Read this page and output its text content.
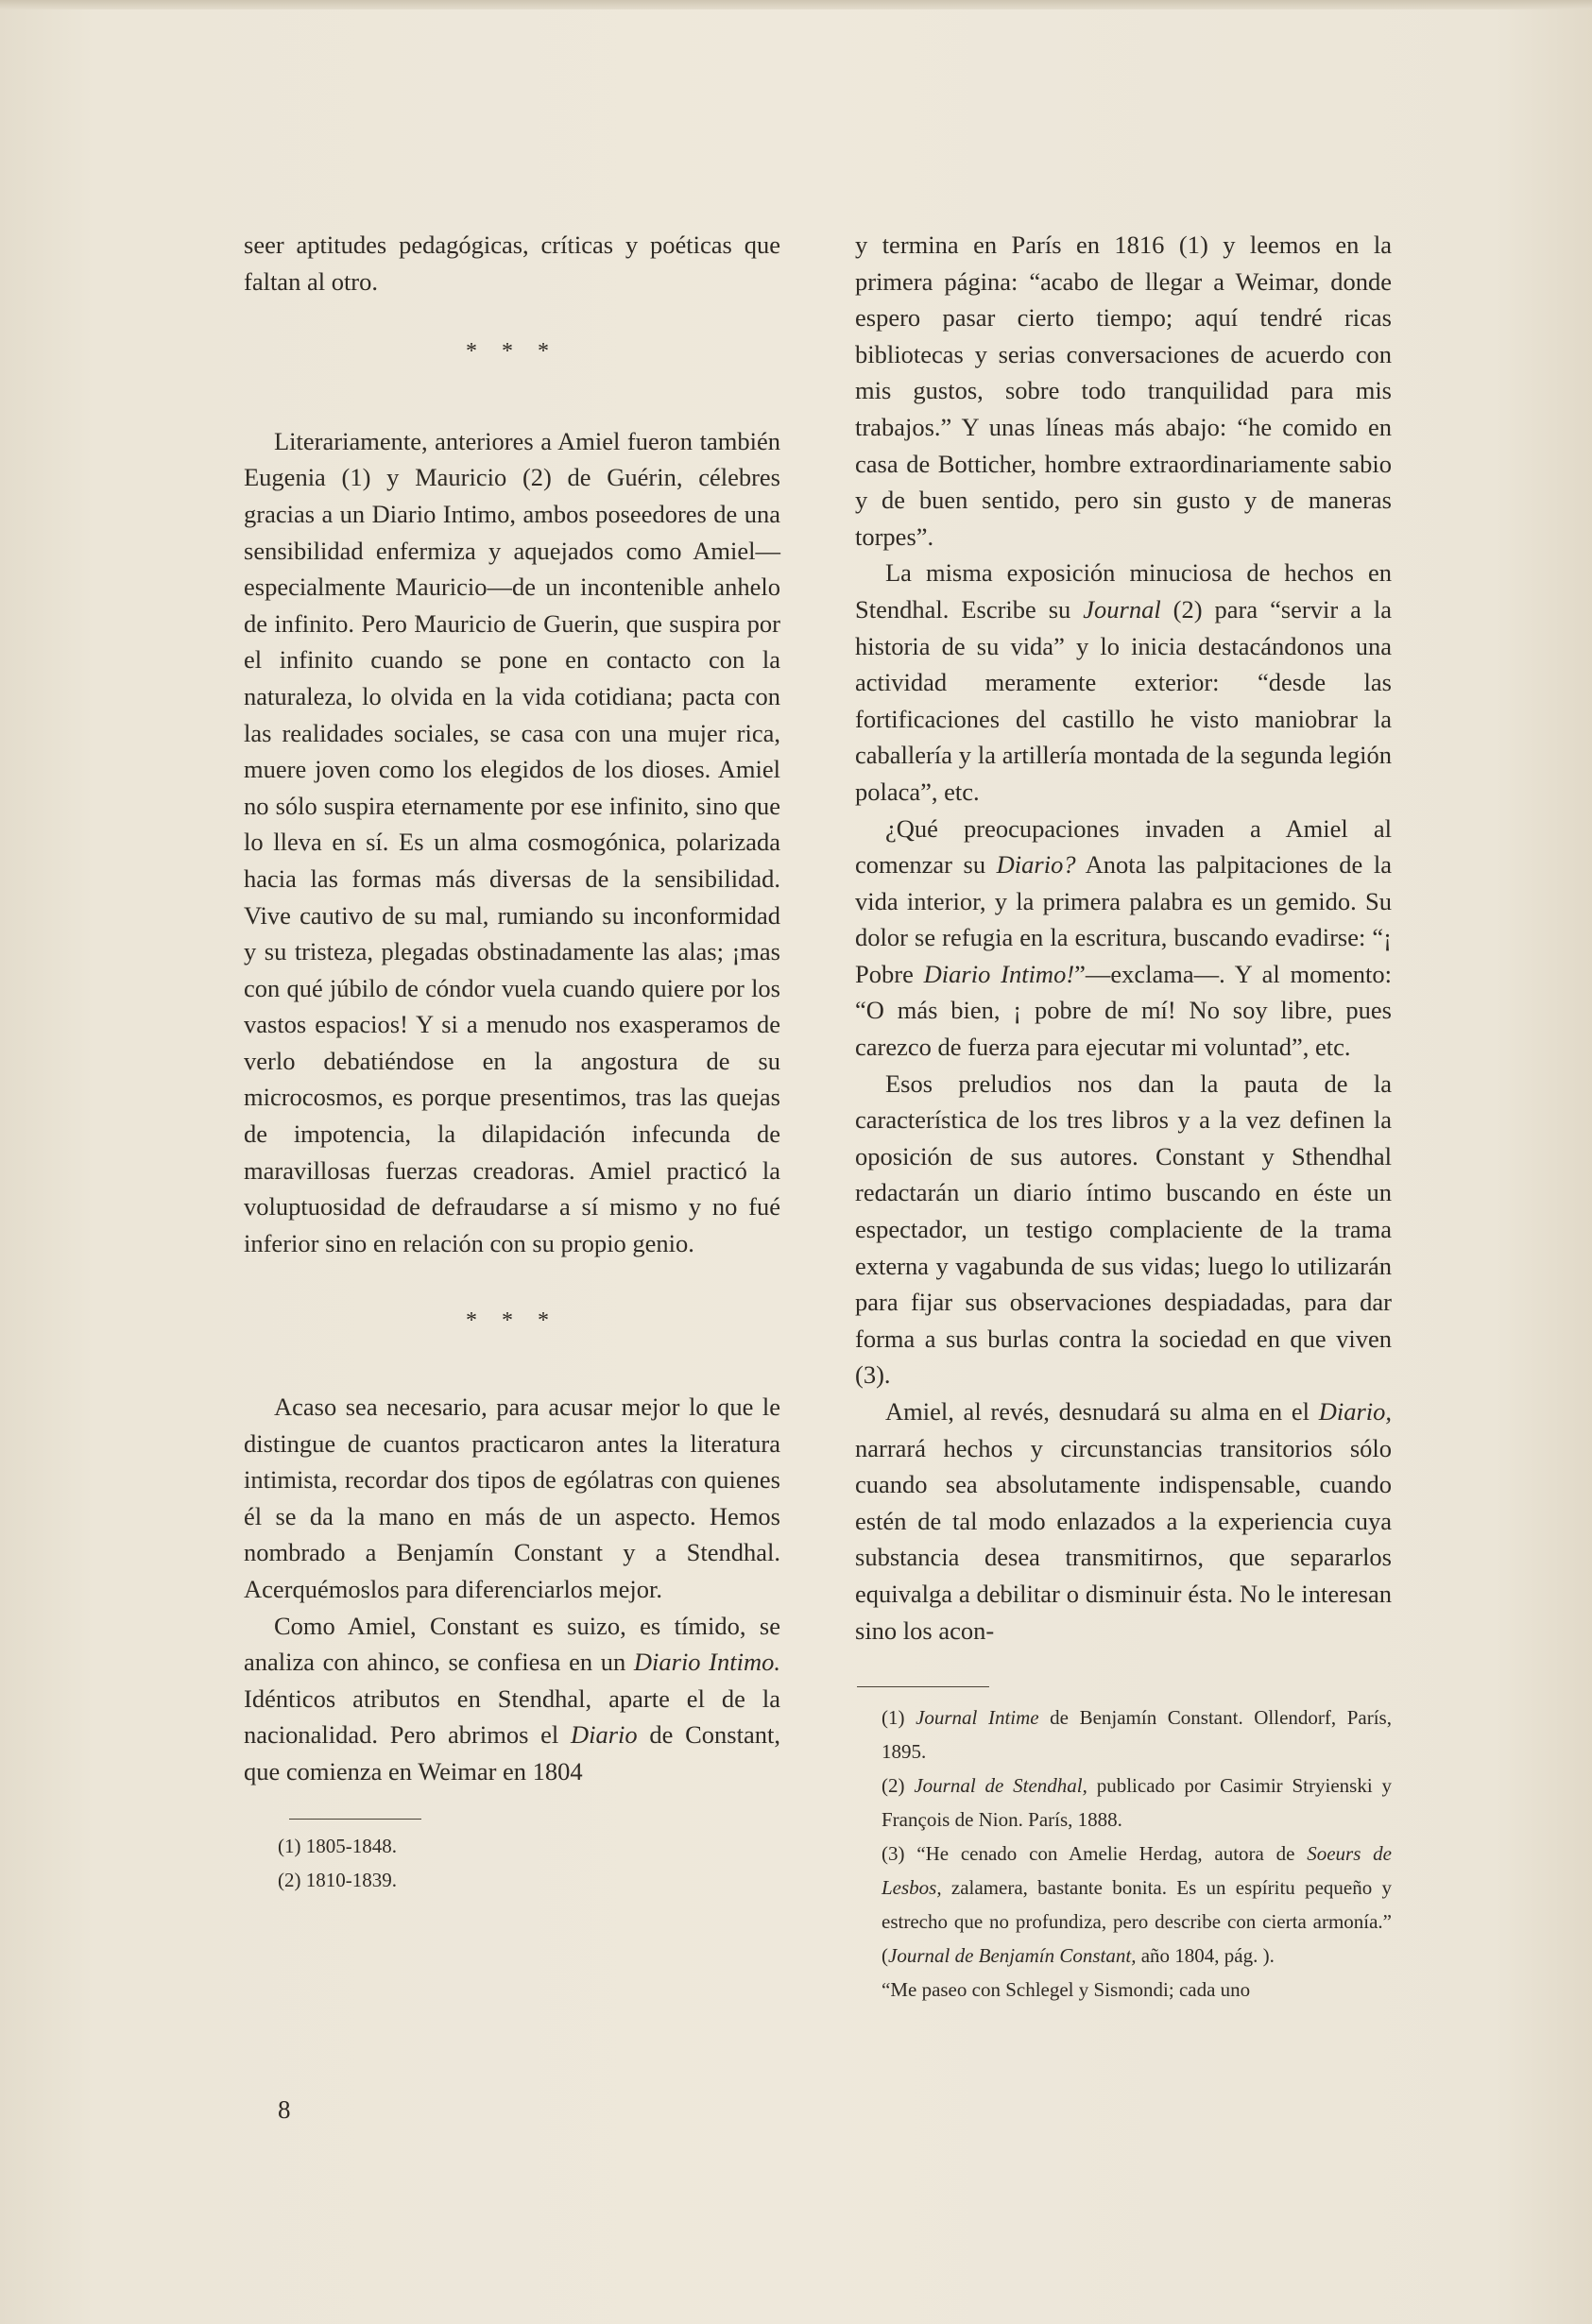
seer aptitudes pedagógicas, críticas y poéticas que faltan al otro.

* * *

Literariamente, anteriores a Amiel fueron también Eugenia (1) y Mauricio (2) de Guérin, célebres gracias a un Diario Intimo, ambos poseedores de una sensibilidad enfermiza y aquejados como Amiel—especialmente Mauricio—de un incontenible anhelo de infinito. Pero Mauricio de Guerin, que suspira por el infinito cuando se pone en contacto con la naturaleza, lo olvida en la vida cotidiana; pacta con las realidades sociales, se casa con una mujer rica, muere joven como los elegidos de los dioses. Amiel no sólo suspira eternamente por ese infinito, sino que lo lleva en sí. Es un alma cosmogónica, polarizada hacia las formas más diversas de la sensibilidad. Vive cautivo de su mal, rumiando su inconformidad y su tristeza, plegadas obstinadamente las alas; ¡mas con qué júbilo de cóndor vuela cuando quiere por los vastos espacios! Y si a menudo nos exasperamos de verlo debatiéndose en la angostura de su microcosmos, es porque presentimos, tras las quejas de impotencia, la dilapidación infecunda de maravillosas fuerzas creadoras. Amiel practicó la voluptuosidad de defraudarse a sí mismo y no fué inferior sino en relación con su propio genio.

* * *

Acaso sea necesario, para acusar mejor lo que le distingue de cuantos practicaron antes la literatura intimista, recordar dos tipos de ególatras con quienes él se da la mano en más de un aspecto. Hemos nombrado a Benjamín Constant y a Stendhal. Acerquémoslos para diferenciarlos mejor.

Como Amiel, Constant es suizo, es tímido, se analiza con ahinco, se confiesa en un Diario Intimo. Idénticos atributos en Stendhal, aparte el de la nacionalidad. Pero abrimos el Diario de Constant, que comienza en Weimar en 1804

(1) 1805-1848.

(2) 1810-1839.

y termina en París en 1816 (1) y leemos en la primera página: “acabo de llegar a Weimar, donde espero pasar cierto tiempo; aquí tendré ricas bibliotecas y serias conversaciones de acuerdo con mis gustos, sobre todo tranquilidad para mis trabajos.” Y unas líneas más abajo: “he comido en casa de Botticher, hombre extraordinariamente sabio y de buen sentido, pero sin gusto y de maneras torpes”.

La misma exposición minuciosa de hechos en Stendhal. Escribe su Journal (2) para “servir a la historia de su vida” y lo inicia destacándonos una actividad meramente exterior: “desde las fortificaciones del castillo he visto maniobrar la caballería y la artillería montada de la segunda legión polaca”, etc.

¿Qué preocupaciones invaden a Amiel al comenzar su Diario? Anota las palpitaciones de la vida interior, y la primera palabra es un gemido. Su dolor se refugia en la escritura, buscando evadirse: “¡ Pobre Diario Intimo!”—exclama—. Y al momento: “O más bien, ¡ pobre de mí! No soy libre, pues carezco de fuerza para ejecutar mi voluntad”, etc.

Esos preludios nos dan la pauta de la característica de los tres libros y a la vez definen la oposición de sus autores. Constant y Sthendhal redactarán un diario íntimo buscando en éste un espectador, un testigo complaciente de la trama externa y vagabunda de sus vidas; luego lo utilizarán para fijar sus observaciones despiadadas, para dar forma a sus burlas contra la sociedad en que viven (3).

Amiel, al revés, desnudará su alma en el Diario, narrará hechos y circunstancias transitorios sólo cuando sea absolutamente indispensable, cuando estén de tal modo enlazados a la experiencia cuya substancia desea transmitirnos, que separarlos equivalga a debilitar o disminuir ésta. No le interesan sino los acon-

(1) Journal Intime de Benjamín Constant. Ollendorf, París, 1895.

(2) Journal de Stendhal, publicado por Casimir Stryienski y François de Nion. París, 1888.

(3) “He cenado con Amelie Herdag, autora de Soeurs de Lesbos, zalamera, bastante bonita. Es un espíritu pequeño y estrecho que no profundiza, pero describe con cierta armonía.” (Journal de Benjamín Constant, año 1804, pág. ).

“Me paseo con Schlegel y Sismondi; cada uno

8
